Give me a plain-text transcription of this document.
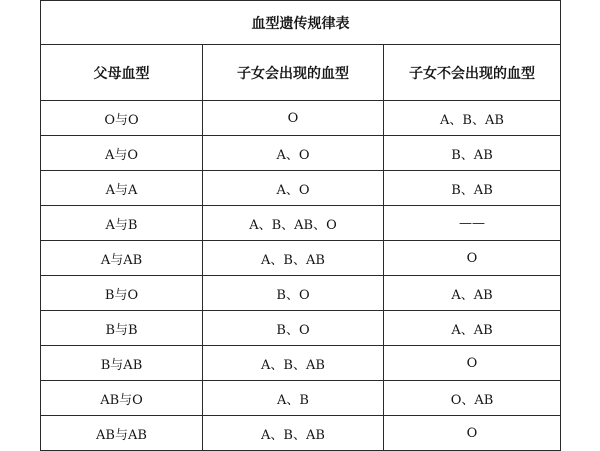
血型遗传规律表		
父母血型	子女会出现的血型	子女不会出现的血型
O与O	O	A、B、AB
A与O	A、O	B、AB
A与A	A、O	B、AB
A与B	A、B、AB、O	——
A与AB	A、B、AB	O
B与O	B、O	A、AB
B与B	B、O	A、AB
B与AB	A、B、AB	O
AB与O	A、B	O、AB
AB与AB	A、B、AB	O
